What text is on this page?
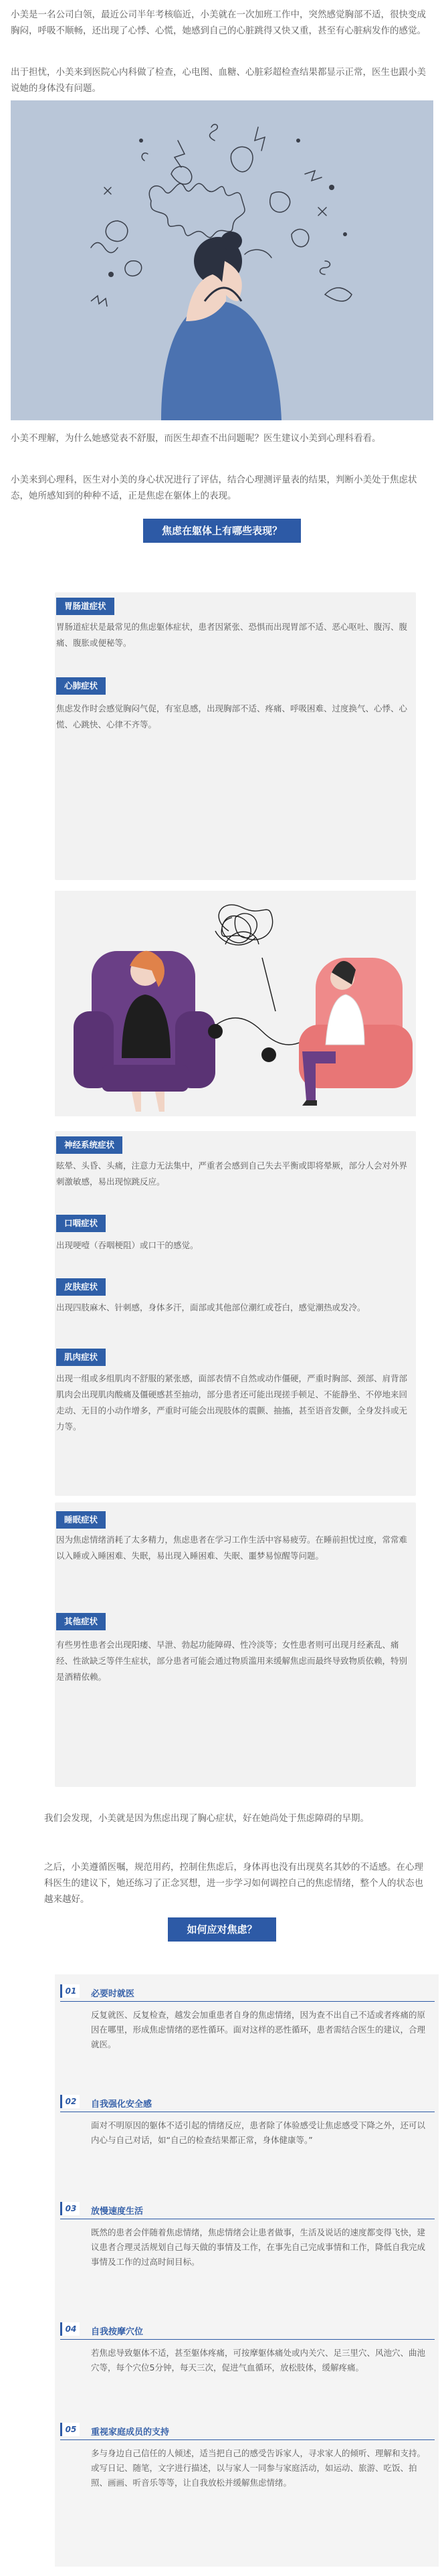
小美是一名公司白领，最近公司半年考核临近，小美就在一次加班工作中，突然感觉胸部不适，很快变成胸闷，呼吸不顺畅，还出现了心悸、心慌，她感到自己的心脏跳得又快又重，甚至有心脏病发作的感觉。

出于担忧，小美来到医院心内科做了检查，心电图、血糖、心脏彩超检查结果都显示正常，医生也跟小美说她的身体没有问题。

小美不理解，为什么她感觉表不舒服，而医生却查不出问题呢？医生建议小美到心理科看看。

小美来到心理科，医生对小美的身心状况进行了评估，结合心理测评量表的结果，判断小美处于焦虑状态，她所感知到的种种不适，正是焦虑在躯体上的表现。

焦虑在躯体上有哪些表现？
胃肠道症状

胃肠道症状是最常见的焦虑躯体症状，患者因紧张、恐惧而出现胃部不适、恶心呕吐、腹泻、腹痛、腹胀或便秘等。

心肺症状

焦虑发作时会感觉胸闷气促，有室息感，出现胸部不适、疼痛、呼吸困难、过度换气、心悸、心慌、心跳快、心律不齐等。

神经系统症状

眩晕、头昏、头痛，注意力无法集中，严重者会感到自己失去平衡或即将晕厥，部分人会对外界刺激敏感，易出现惊跳反应。

口咽症状

出现哽噎（吞咽梗阻）或口干的感觉。

皮肤症状

出现四肢麻木、针刺感，身体多汗，面部或其他部位潮红或苍白，感觉潮热或发冷。

肌肉症状

出现一组或多组肌肉不舒服的紧张感，面部表情不自然或动作僵硬，严重时胸部、颈部、肩背部肌肉会出现肌肉酸痛及僵硬感甚至抽动，部分患者还可能出现搓手顿足、不能静坐、不停地来回走动、无目的小动作增多，严重时可能会出现肢体的震颤、抽搐，甚至语音发颤，全身发抖或无力等。

睡眠症状

因为焦虑情绪消耗了太多精力，焦虑患者在学习工作生活中容易疲劳。在睡前担忧过度，常常难以入睡或入睡困难、失眠，易出现入睡困难、失眠、噩梦易惊醒等问题。

其他症状

有些男性患者会出现阳痿、早泄、勃起功能障碍、性冷淡等；女性患者则可出现月经紊乱、痛经、性欲缺乏等伴生症状，部分患者可能会通过物质滥用来缓解焦虑而最终导致物质依赖，特别是酒精依赖。

我们会发现，小美就是因为焦虑出现了胸心症状，好在她尚处于焦虑障碍的早期。

之后，小美遵循医嘱，规范用药，控制住焦虑后，身体再也没有出现莫名其妙的不适感。在心理科医生的建议下，她还练习了正念冥想，进一步学习如何调控自己的焦虑情绪，整个人的状态也越来越好。

如何应对焦虑？
01	必要时就医

反复就医、反复检查，越发会加重患者自身的焦虑情绪，因为查不出自己不适或者疼痛的原因在哪里，形成焦虑情绪的恶性循环。面对这样的恶性循环，患者需结合医生的建议，合理就医。

02	自我强化安全感

面对不明原因的躯体不适引起的情绪反应，患者除了体验感受让焦虑感受下降之外，还可以内心与自己对话，如“自己的检查结果都正常，身体健康等。”

03	放慢速度生活

既然的患者会伴随着焦虑情绪，焦虑情绪会让患者做事，生活及说话的速度都变得飞快，建议患者合理灵活规划自己每天做的事情及工作，在事先自己完成事情和工作，降低自我完成事情及工作的过高时间目标。

04	自我按摩穴位

若焦虑导致躯体不适，甚至躯体疼痛，可按摩躯体痛处或内关穴、足三里穴、风池穴、曲池穴等，每个穴位5分钟，每天三次，促进气血循环，放松肢体，缓解疼痛。

05	重视家庭成员的支持

多与身边自己信任的人倾述，适当把自己的感受告诉家人，寻求家人的倾听、理解和支持。或写日记、随笔，文字进行描述，以与家人一同参与家庭活动，如运动、旅游、吃饭、拍照、画画、听音乐等等，让自我放松并缓解焦虑情绪。
